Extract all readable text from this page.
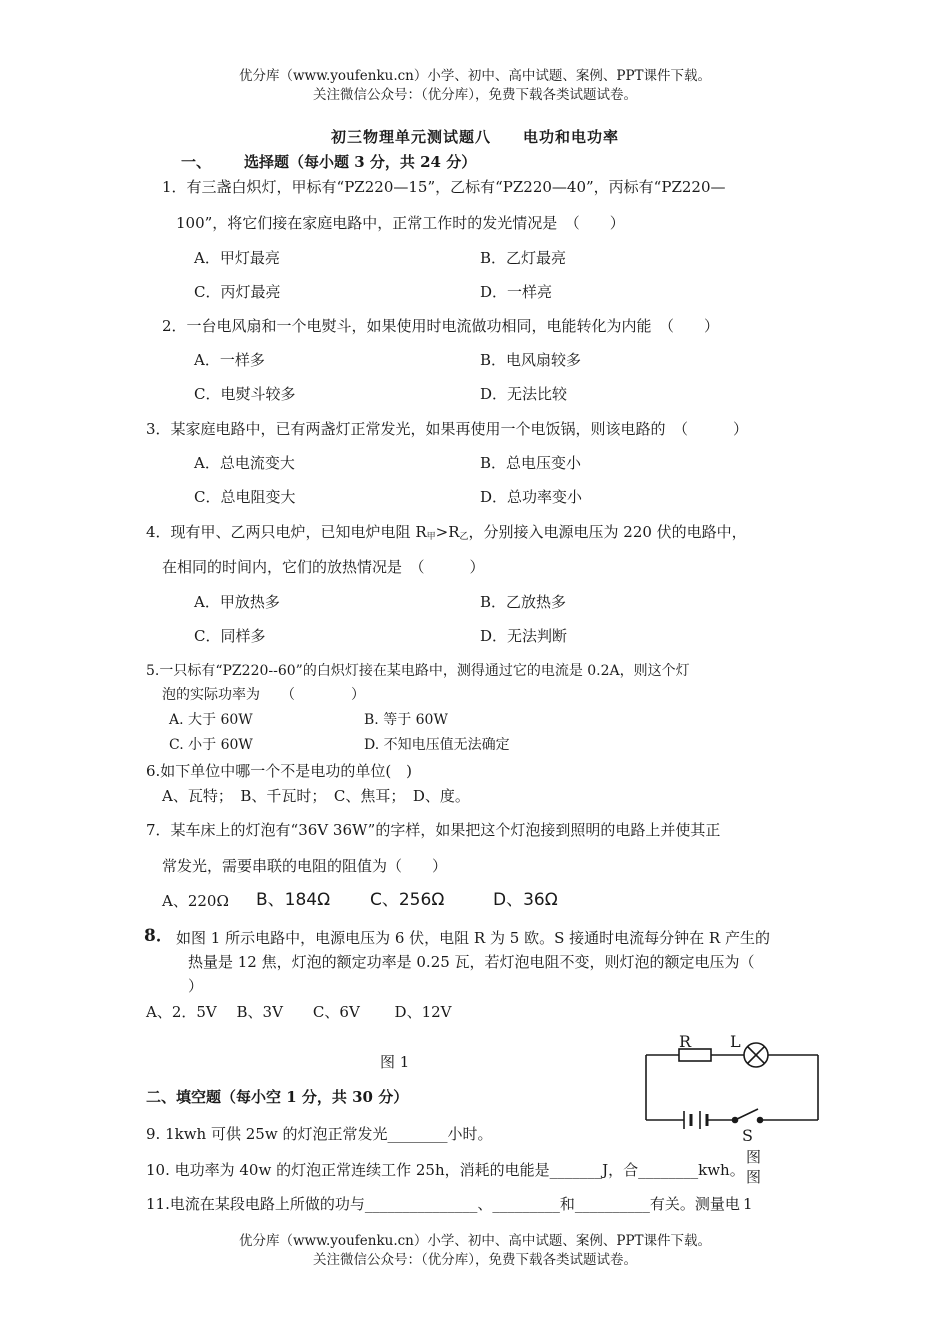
优分库（www.youfenku.cn）小学、初中、高中试题、案例、PPT课件下载。
关注微信公众号：（优分库），免费下载各类试题试卷。
初三物理单元测试题八　　电功和电功率
一、 选择题（每小题 3 分，共 24 分）
1．有三盏白炽灯，甲标有“PZ220—15”，乙标有“PZ220—40”，丙标有“PZ220—
100”，将它们接在家庭电路中，正常工作时的发光情况是　（　　）
A．甲灯最亮	B．乙灯最亮
C．丙灯最亮	D．一样亮
2．一台电风扇和一个电熨斗，如果使用时电流做功相同，电能转化为内能　（　　）
A．一样多	B．电风扇较多
C．电熨斗较多	D．无法比较
3．某家庭电路中，已有两盏灯正常发光，如果再使用一个电饭锅，则该电路的　（　　　）
A．总电流变大	B．总电压变小
C．总电阻变大	D．总功率变小
4．现有甲、乙两只电炉，已知电炉电阻 $R_甲>R_乙$，分别接入电源电压为 220 伏的电路中，
在相同的时间内，它们的放热情况是　（　　　）
A．甲放热多	B．乙放热多
C．同样多	D．无法判断
5.一只标有“PZ220--60”的白炽灯接在某电路中，测得通过它的电流是 0.2A，则这个灯
泡的实际功率为　　（　　　　）
A. 大于 60W	B. 等于 60W
C. 小于 60W	D. 不知电压值无法确定
6.如下单位中哪一个不是电功的单位(　)
A、瓦特；　B、千瓦时；　C、焦耳；　D、度。
7．某车床上的灯泡有“36V 36W”的字样，如果把这个灯泡接到照明的电路上并使其正
常发光，需要串联的电阻的阻值为（　　）
A、220Ω B、184Ω C、256Ω	D、36Ω
8． 如图 1 所示电路中，电源电压为 6 伏，电阻 R 为 5 欧。S 接通时电流每分钟在 R 产生的
热量是 12 焦，灯泡的额定功率是 0.25 瓦，若灯泡电阻不变，则灯泡的额定电压为（
）
A、2．5V　 B、3V　　C、6V　　 D、12V
图 1
R L
S
图
图
1
二、填空题（每小空 1 分，共 30 分）
9. 1kwh 可供 25w 的灯泡正常发光________小时。
10. 电功率为 40w 的灯泡正常连续工作 25h，消耗的电能是_______J，合________kwh。
11.电流在某段电路上所做的功与_______________、_________和__________有关。测量电
优分库（www.youfenku.cn）小学、初中、高中试题、案例、PPT课件下载。
关注微信公众号：（优分库），免费下载各类试题试卷。
